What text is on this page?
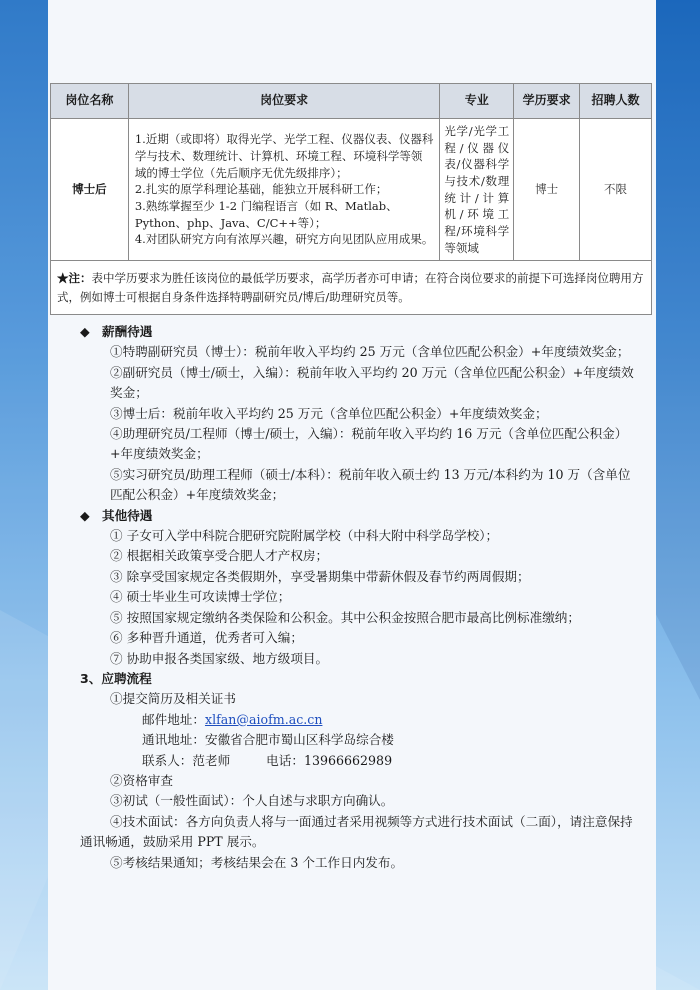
岗位名称	岗位要求	专业	学历要求	招聘人数
博士后	1.近期（或即将）取得光学、光学工程、仪器仪表、仪器科学与技术、数理统计、计算机、环境工程、环境科学等领域的博士学位（先后顺序无优先级排序）；

2.扎实的原学科理论基础，能独立开展科研工作；

3.熟练掌握至少 1-2 门编程语言（如 R、Matlab、Python、php、Java、C/C++等）；

4.对团队研究方向有浓厚兴趣，研究方向见团队应用成果。	光学/光学工程/仪器仪表/仪器科学与技术/数理统计/计算机/环境工程/环境科学等领域	博士	不限
★注：表中学历要求为胜任该岗位的最低学历要求，高学历者亦可申请；在符合岗位要求的前提下可选择岗位聘用方式，例如博士可根据自身条件选择特聘副研究员/博后/助理研究员等。				

◆ 薪酬待遇

①特聘副研究员（博士）：税前年收入平均约 25 万元（含单位匹配公积金）+年度绩效奖金；

②副研究员（博士/硕士，入编）：税前年收入平均约 20 万元（含单位匹配公积金）+年度绩效奖金；

③博士后：税前年收入平均约 25 万元（含单位匹配公积金）+年度绩效奖金；

④助理研究员/工程师（博士/硕士，入编）：税前年收入平均约 16 万元（含单位匹配公积金）+年度绩效奖金；

⑤实习研究员/助理工程师（硕士/本科）：税前年收入硕士约 13 万元/本科约为 10 万（含单位匹配公积金）+年度绩效奖金；

◆ 其他待遇

① 子女可入学中科院合肥研究院附属学校（中科大附中科学岛学校）；

② 根据相关政策享受合肥人才产权房；

③ 除享受国家规定各类假期外，享受暑期集中带薪休假及春节约两周假期；

④ 硕士毕业生可攻读博士学位；

⑤ 按照国家规定缴纳各类保险和公积金。其中公积金按照合肥市最高比例标准缴纳；

⑥ 多种晋升通道，优秀者可入编；

⑦ 协助申报各类国家级、地方级项目。

3、应聘流程

①提交简历及相关证书

邮件地址：xlfan@aiofm.ac.cn

通讯地址：安徽省合肥市蜀山区科学岛综合楼

联系人：范老师	电话：13966662989

②资格审查

③初试（一般性面试）：个人自述与求职方向确认。

④技术面试：各方向负责人将与一面通过者采用视频等方式进行技术面试（二面），请注意保持通讯畅通，鼓励采用 PPT 展示。

⑤考核结果通知；考核结果会在 3 个工作日内发布。
